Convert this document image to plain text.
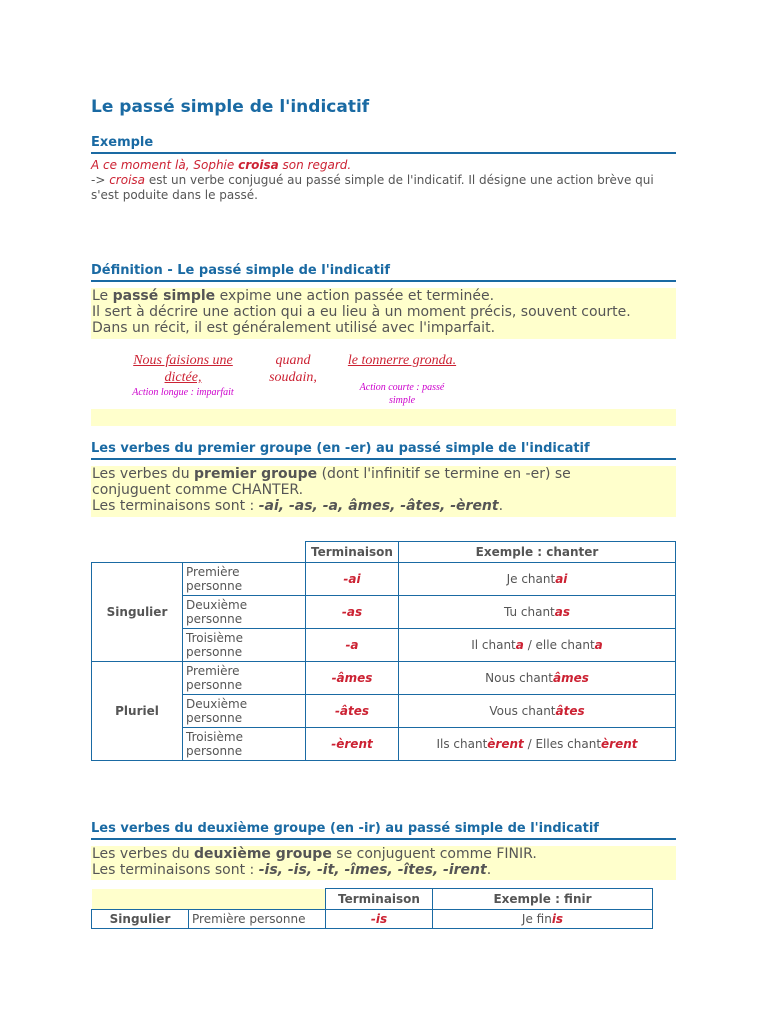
Le passé simple de l'indicatif
Exemple
A ce moment là, Sophie croisa son regard.
-> croisa est un verbe conjugué au passé simple de l'indicatif. Il désigne une action brève qui s'est poduite dans le passé.
Définition - Le passé simple de l'indicatif
Le passé simple expime une action passée et terminée.
Il sert à décrire une action qui a eu lieu à un moment précis, souvent courte.
Dans un récit, il est généralement utilisé avec l'imparfait.
Nous faisions une
dictée,
Action longue : imparfait
quand
soudain,
le tonnerre gronda.
Action courte : passé
simple
Les verbes du premier groupe (en -er) au passé simple de l'indicatif
Les verbes du premier groupe (dont l'infinitif se termine en -er) se
conjuguent comme CHANTER.
Les terminaisons sont : -ai, -as, -a, âmes, -âtes, -èrent.
		Terminaison	Exemple : chanter
Singulier	Première
personne	-ai	Je chantai
	Deuxième
personne	-as	Tu chantas
	Troisième
personne	-a	Il chanta / elle chanta
Pluriel	Première
personne	-âmes	Nous chantâmes
	Deuxième
personne	-âtes	Vous chantâtes
	Troisième
personne	-èrent	Ils chantèrent / Elles chantèrent
Les verbes du deuxième groupe (en -ir) au passé simple de l'indicatif
Les verbes du deuxième groupe se conjuguent comme FINIR.
Les terminaisons sont : -is, -is, -it, -îmes, -îtes, -irent.
		Terminaison	Exemple : finir
Singulier	Première personne	-is	Je finis
